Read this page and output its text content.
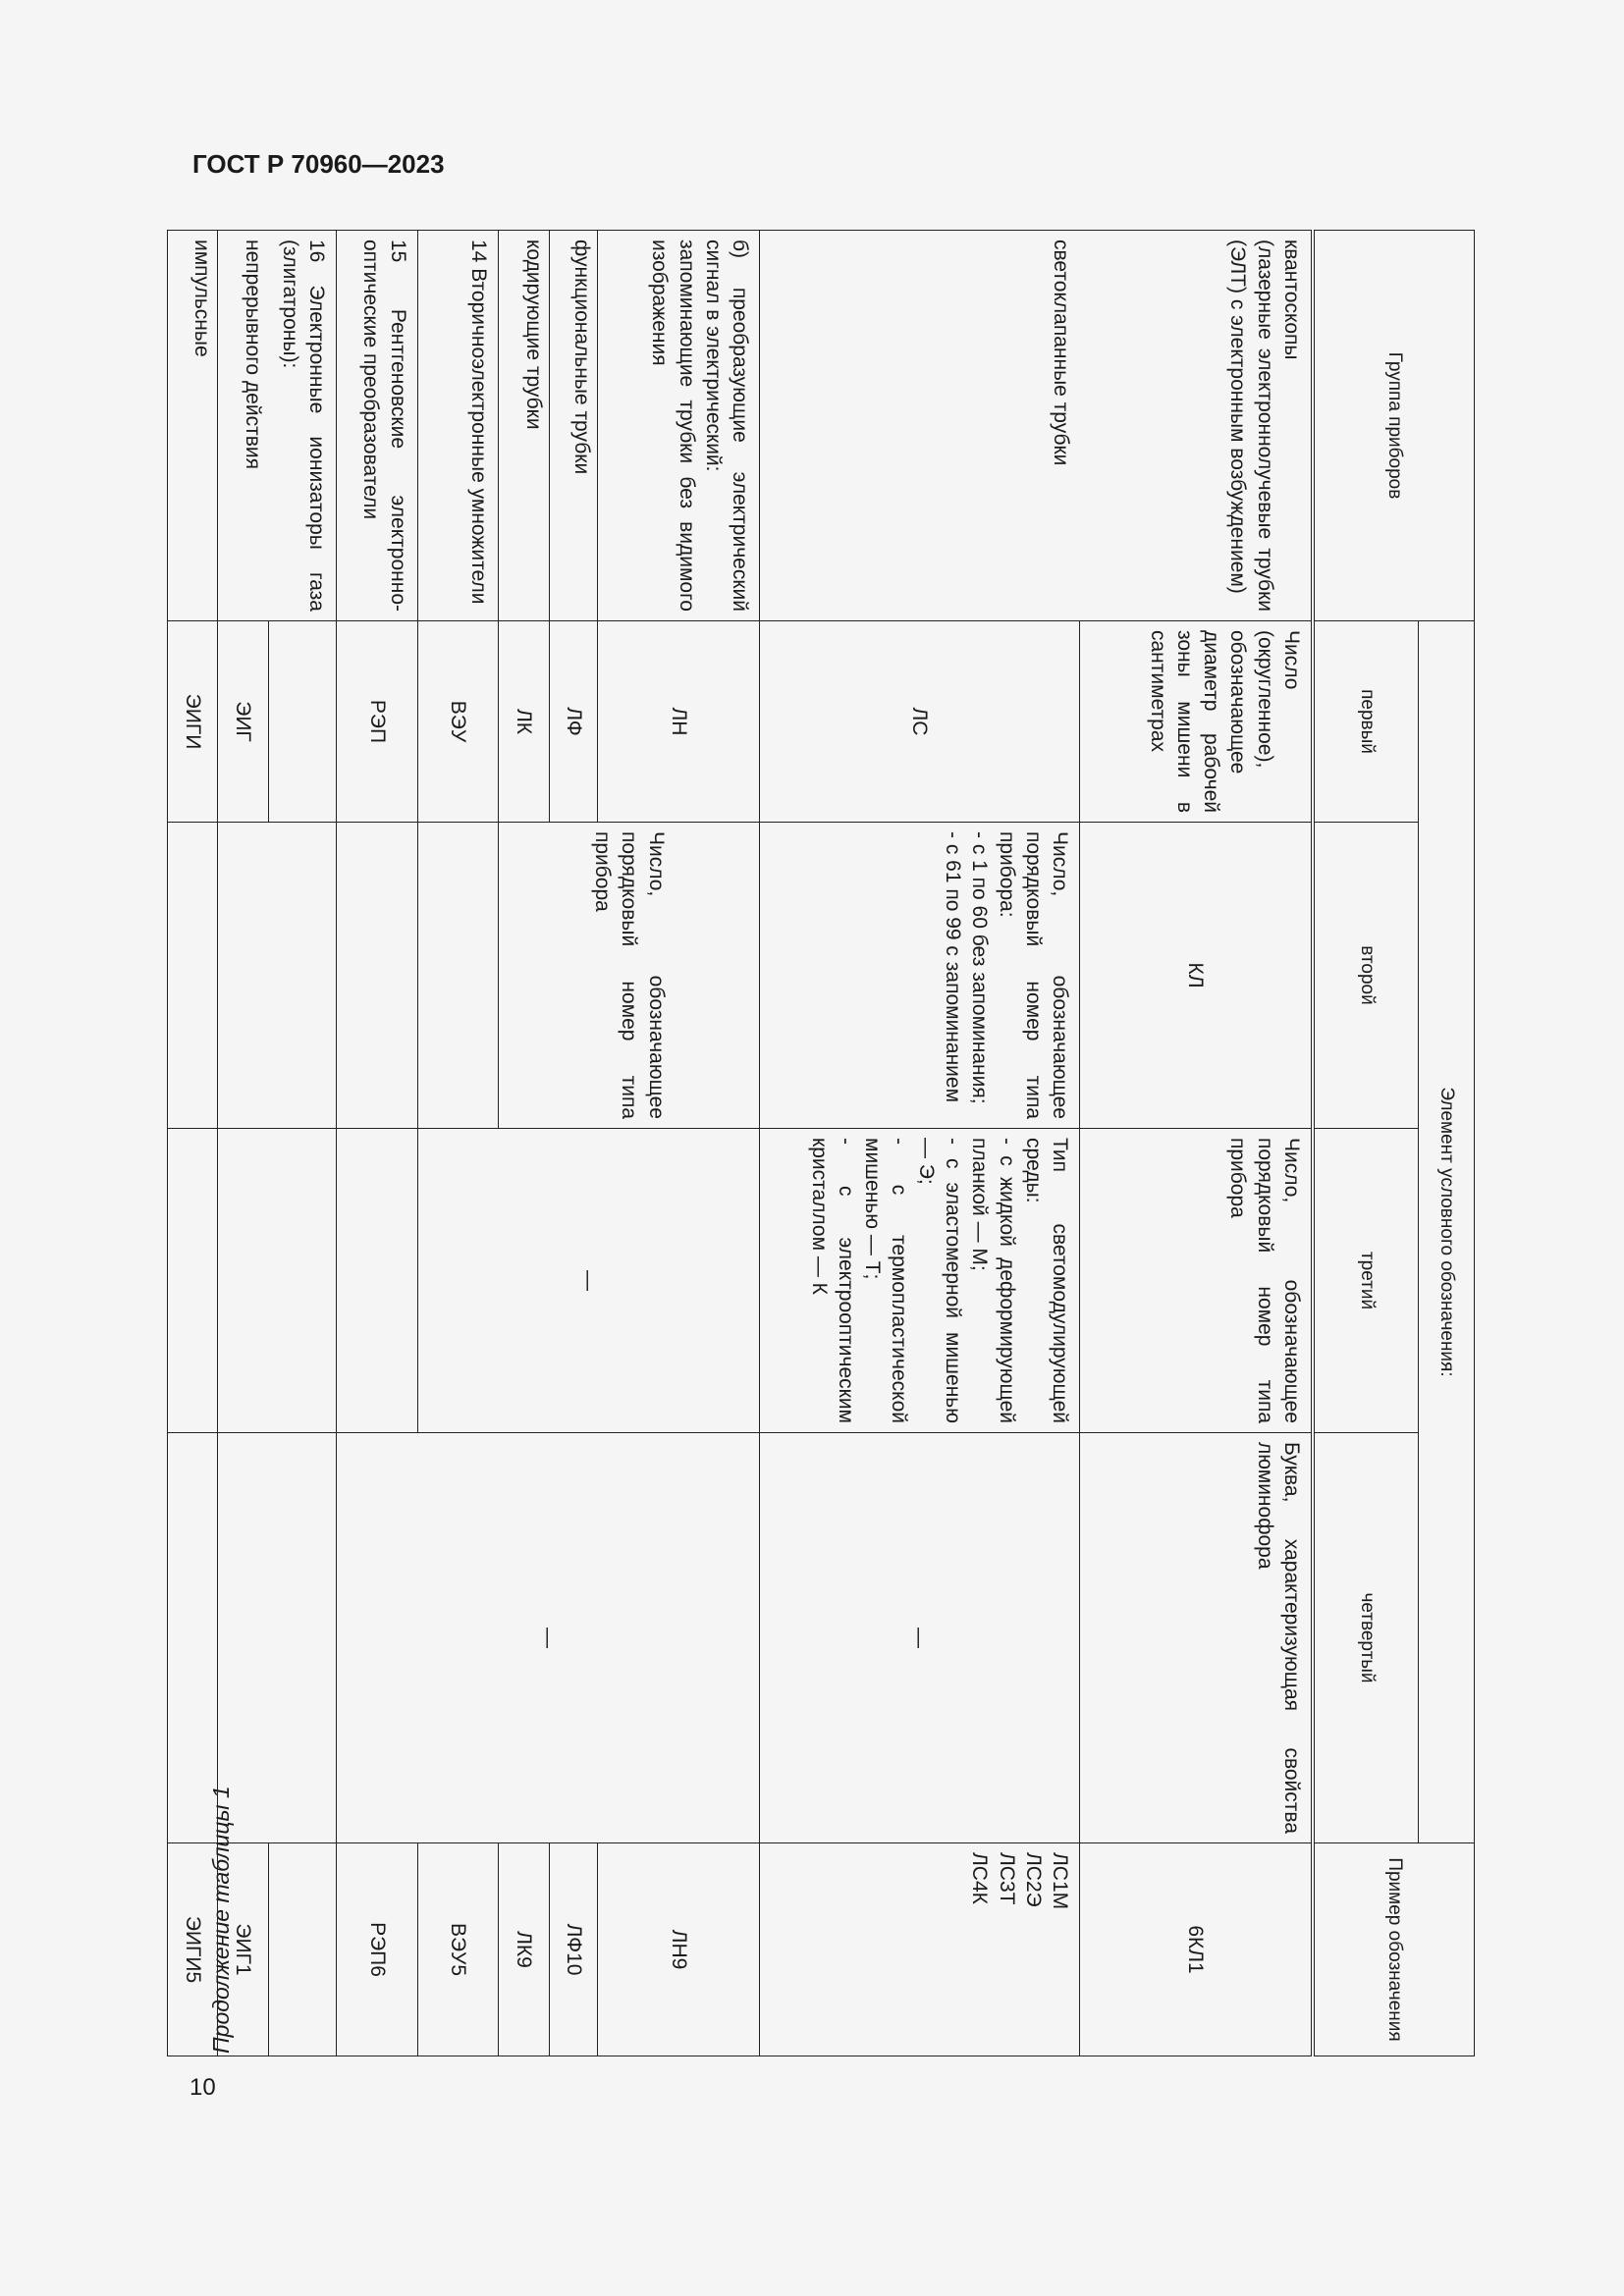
ГОСТ Р 70960—2023
Продолжение таблицы 1
10
Группа приборов	Элемент условного обозначения:				Пример обозначения
	первый	второй	третий	четвертый	

квантоскопы
(лазерные электроннолучевые трубки (ЭЛТ) с электронным возбуждением)	Число (округленное), обозначающее диаметр рабочей зоны мишени в сантиметрах	КЛ	Число, обозначающее порядковый номер типа прибора	Буква, характеризующая свойства люминофора	6КЛ1
светоклапанные трубки	ЛС	Число, обозначающее порядковый номер типа прибора:
- с 1 по 60 без запоминания;
- с 61 по 99 с запоминанием	Тип светомодулирующей среды:
- с жидкой деформирующей планкой — М;
- с эластомерной мишенью — Э;
- с термопластической мишенью — Т;
- с электрооптическим кристаллом — К	—	ЛС1М
ЛС2Э
ЛС3Т
ЛС4К

б) преобразующие электрический сигнал в электрический:
запоминающие трубки без видимого изображения	ЛН	Число, обозначающее порядковый номер типа прибора	—	—	ЛН9
функциональные трубки	ЛФ				ЛФ10
кодирующие трубки	ЛК				ЛК9
14 Вторичноэлектронные умножители	ВЭУ				ВЭУ5
15 Рентгеновские электронно-оптические преобразователи	РЭП				РЭП6
16 Электронные ионизаторы газа (злигатроны):					
непрерывного действия	ЭИГ				ЭИГ1
импульсные	ЭИГИ				ЭИГИ5
